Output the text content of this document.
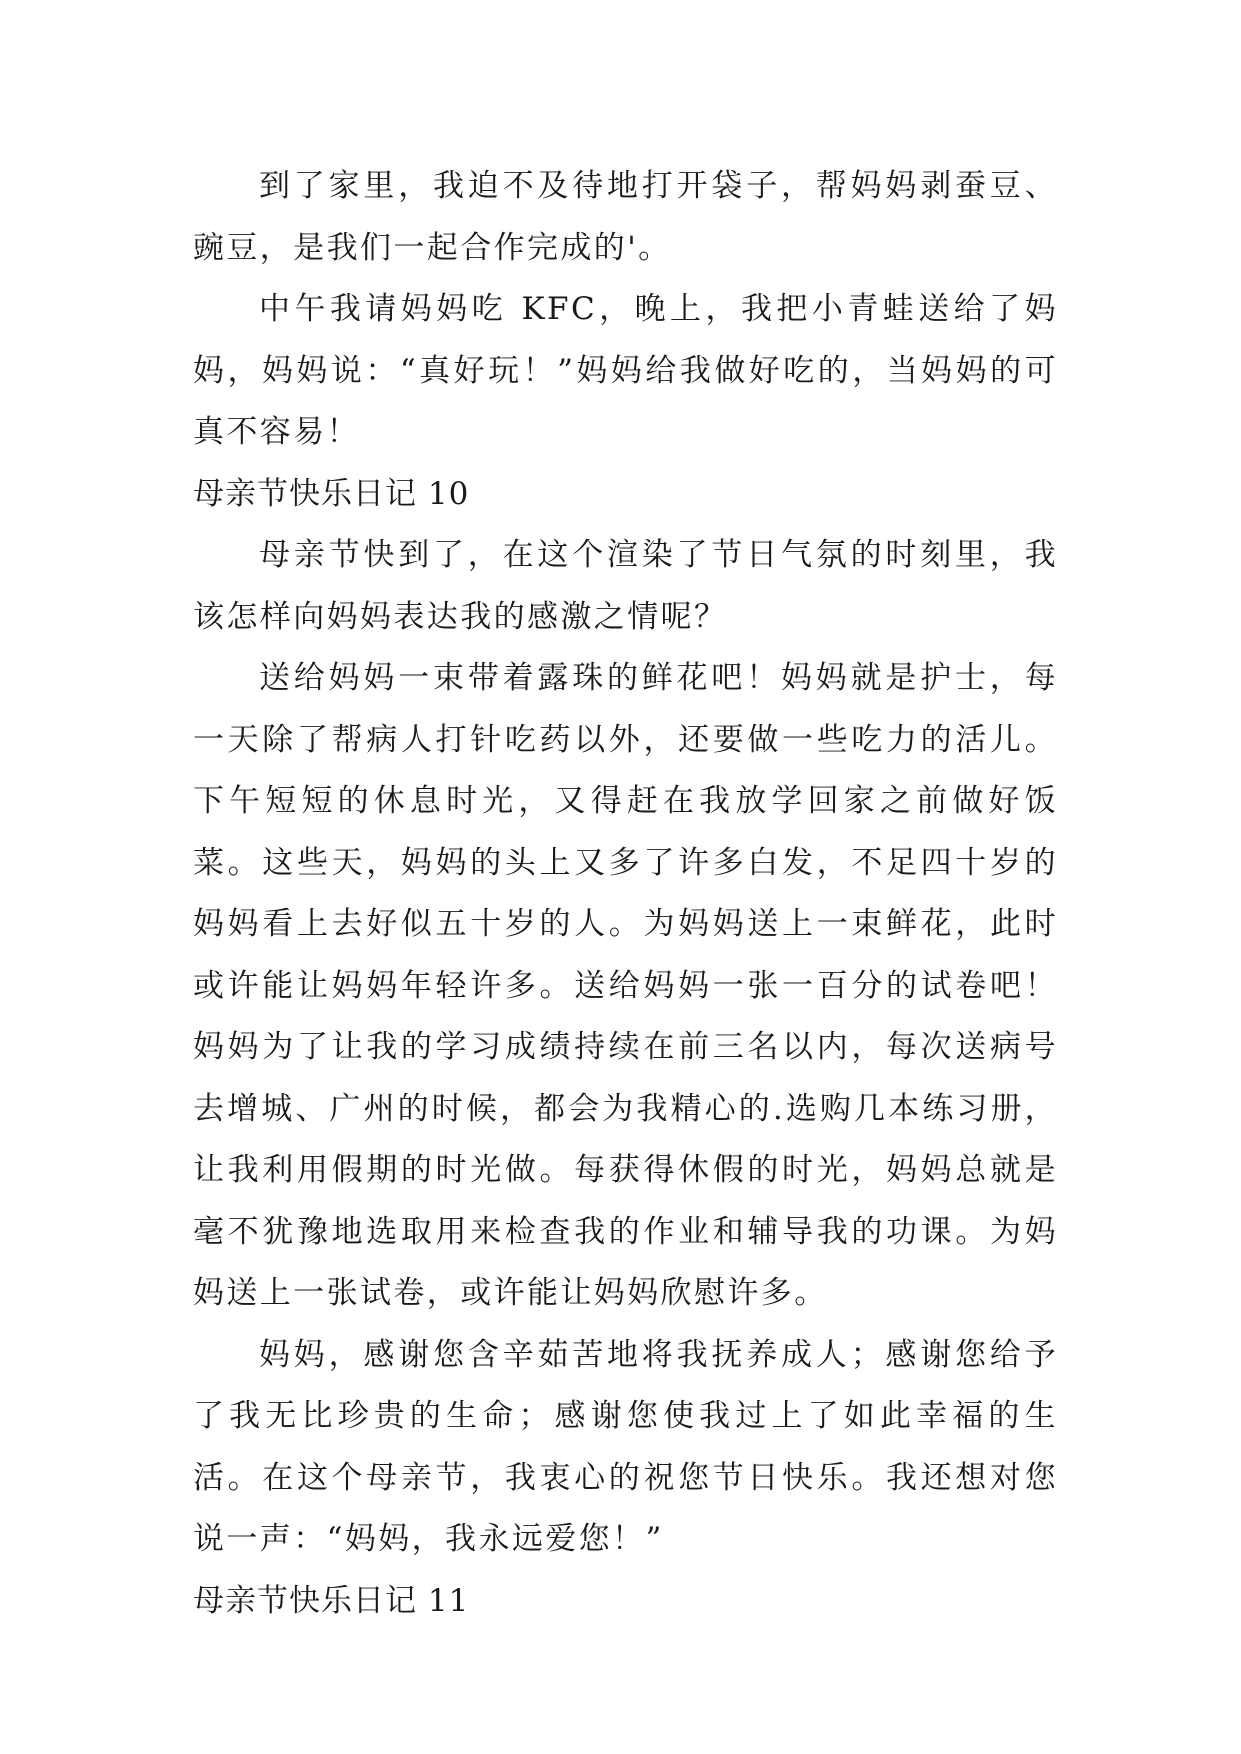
到了家里，我迫不及待地打开袋子，帮妈妈剥蚕豆、豌豆，是我们一起合作完成的'。

中午我请妈妈吃 KFC，晚上，我把小青蛙送给了妈妈，妈妈说：“真好玩！”妈妈给我做好吃的，当妈妈的可真不容易！

母亲节快乐日记 10

母亲节快到了，在这个渲染了节日气氛的时刻里，我该怎样向妈妈表达我的感激之情呢？

送给妈妈一束带着露珠的鲜花吧！妈妈就是护士，每一天除了帮病人打针吃药以外，还要做一些吃力的活儿。下午短短的休息时光，又得赶在我放学回家之前做好饭菜。这些天，妈妈的头上又多了许多白发，不足四十岁的妈妈看上去好似五十岁的人。为妈妈送上一束鲜花，此时或许能让妈妈年轻许多。送给妈妈一张一百分的试卷吧！妈妈为了让我的学习成绩持续在前三名以内，每次送病号去增城、广州的时候，都会为我精心的.选购几本练习册，让我利用假期的时光做。每获得休假的时光，妈妈总就是毫不犹豫地选取用来检查我的作业和辅导我的功课。为妈妈送上一张试卷，或许能让妈妈欣慰许多。

妈妈，感谢您含辛茹苦地将我抚养成人；感谢您给予了我无比珍贵的生命；感谢您使我过上了如此幸福的生活。在这个母亲节，我衷心的祝您节日快乐。我还想对您说一声：“妈妈，我永远爱您！”

母亲节快乐日记 11
